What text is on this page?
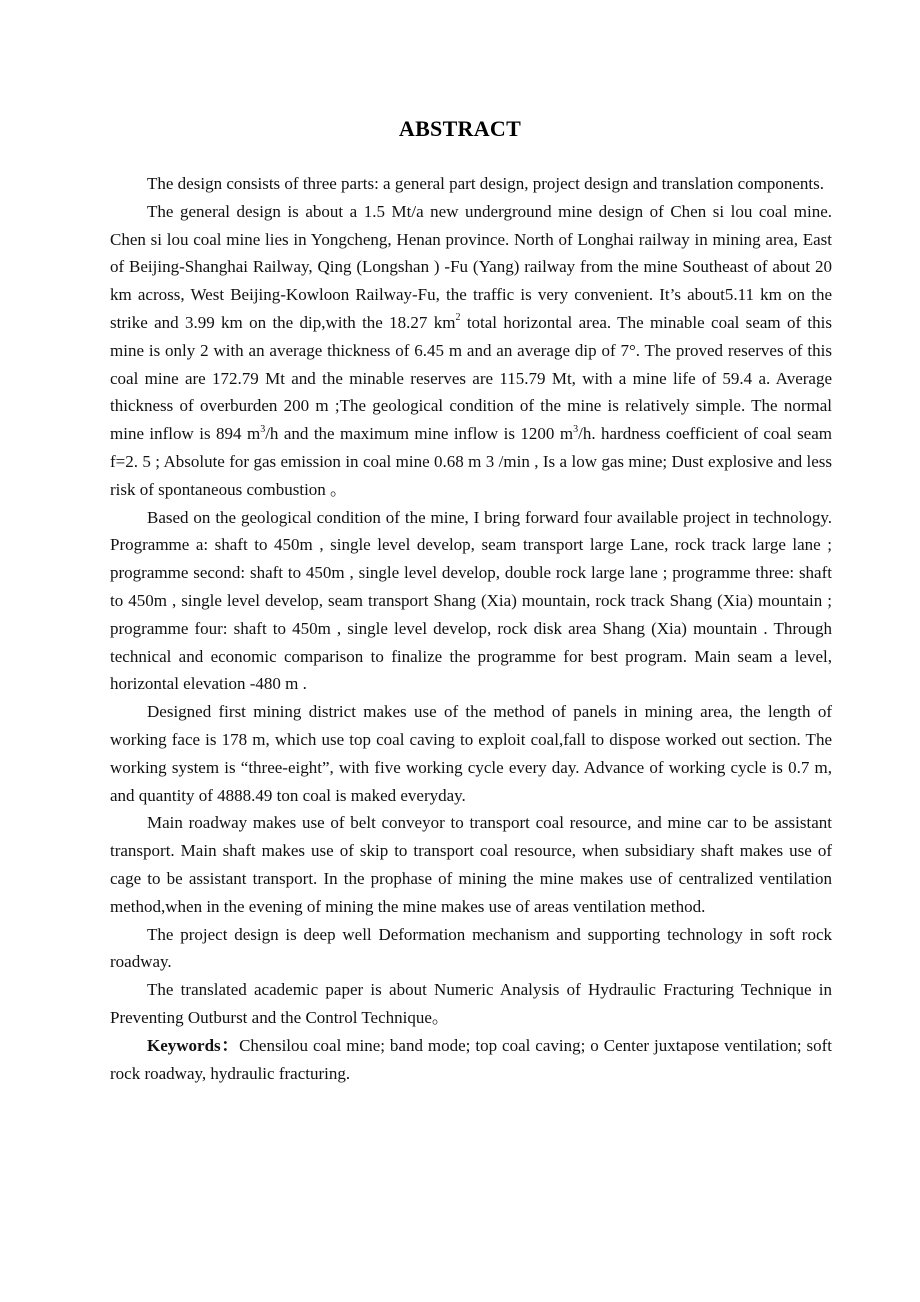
ABSTRACT

The design consists of three parts: a general part design, project design and translation components.

The general design is about a 1.5 Mt/a new underground mine design of Chen si lou coal mine. Chen si lou coal mine lies in Yongcheng, Henan province. North of Longhai railway in mining area, East of Beijing-Shanghai Railway, Qing (Longshan ) -Fu (Yang) railway from the mine Southeast of about 20 km across, West Beijing-Kowloon Railway-Fu, the traffic is very convenient. It’s about5.11 km on the strike and 3.99 km on the dip,with the 18.27 $km^2$ total horizontal area. The minable coal seam of this mine is only 2 with an average thickness of 6.45 m and an average dip of 7°. The proved reserves of this coal mine are 172.79 Mt and the minable reserves are 115.79 Mt, with a mine life of 59.4 a. Average thickness of overburden 200 m ;The geological condition of the mine is relatively simple. The normal mine inflow is 894 $m^3/h$ and the maximum mine inflow is 1200 $m^3/h$. hardness coefficient of coal seam f=2. 5 ; Absolute for gas emission in coal mine 0.68 m 3 /min , Is a low gas mine; Dust explosive and less risk of spontaneous combustion 。

Based on the geological condition of the mine, I bring forward four available project in technology. Programme a: shaft to 450m , single level develop, seam transport large Lane, rock track large lane ; programme second: shaft to 450m , single level develop, double rock large lane ; programme three: shaft to 450m , single level develop, seam transport Shang (Xia) mountain, rock track Shang (Xia) mountain ; programme four: shaft to 450m , single level develop, rock disk area Shang (Xia) mountain . Through technical and economic comparison to finalize the programme for best program. Main seam a level, horizontal elevation -480 m .

Designed first mining district makes use of the method of panels in mining area, the length of working face is 178 m, which use top coal caving to exploit coal,fall to dispose worked out section. The working system is “three-eight”, with five working cycle every day. Advance of working cycle is 0.7 m, and quantity of 4888.49 ton coal is maked everyday.

Main roadway makes use of belt conveyor to transport coal resource, and mine car to be assistant transport. Main shaft makes use of skip to transport coal resource, when subsidiary shaft makes use of cage to be assistant transport. In the prophase of mining the mine makes use of centralized ventilation method,when in the evening of mining the mine makes use of areas ventilation method.

The project design is deep well Deformation mechanism and supporting technology in soft rock roadway.

The translated academic paper is about Numeric Analysis of Hydraulic Fracturing Technique in Preventing Outburst and the Control Technique。

Keywords：Chensilou coal mine; band mode; top coal caving; o Center juxtapose ventilation; soft rock roadway, hydraulic fracturing.
